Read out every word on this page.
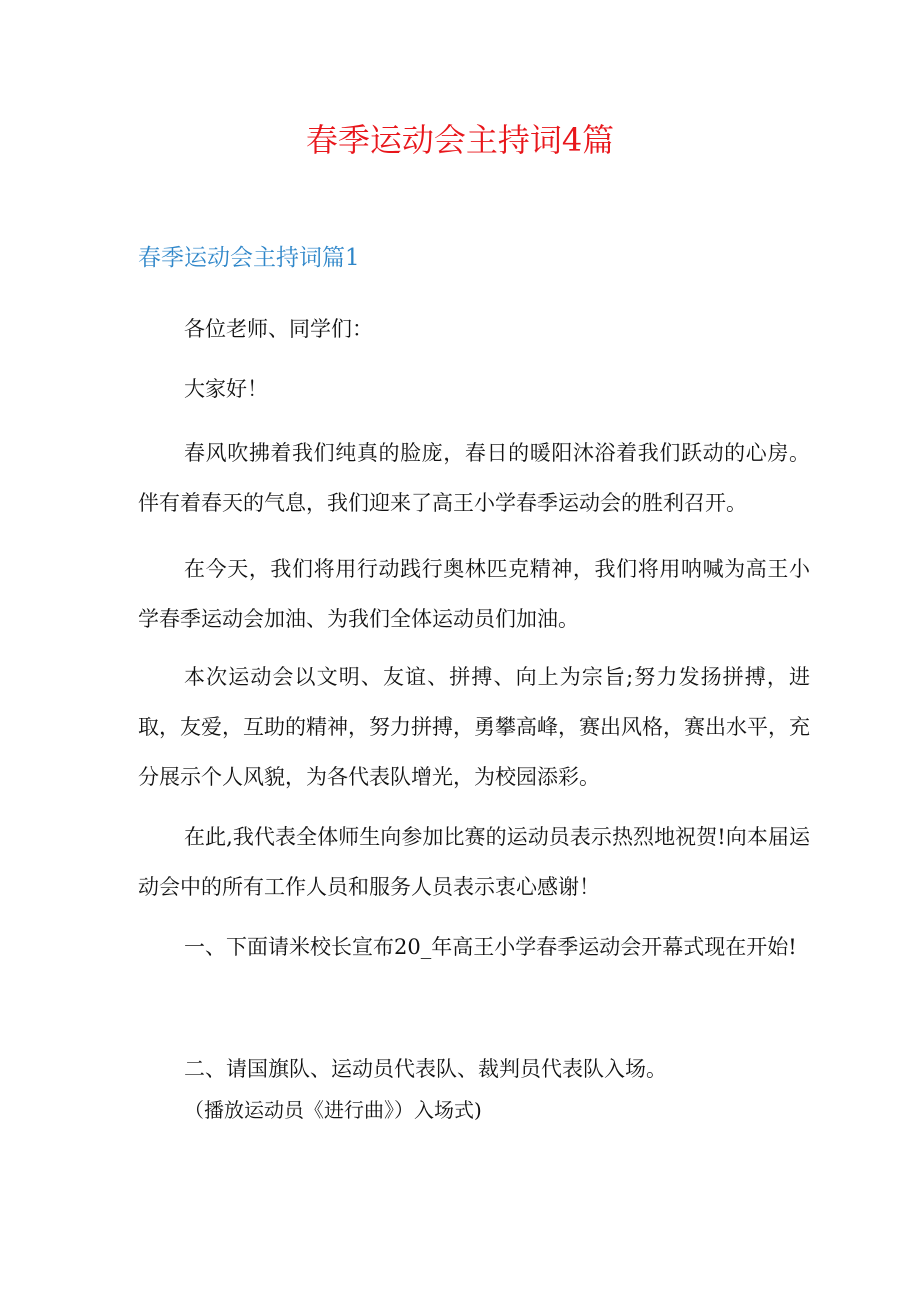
春季运动会主持词4篇
春季运动会主持词篇1

各位老师、同学们：

大家好！

春风吹拂着我们纯真的脸庞，春日的暖阳沐浴着我们跃动的心房。伴有着春天的气息，我们迎来了高王小学春季运动会的胜利召开。

在今天，我们将用行动践行奥林匹克精神，我们将用呐喊为高王小学春季运动会加油、为我们全体运动员们加油。

本次运动会以文明、友谊、拼搏、向上为宗旨;努力发扬拼搏，进取，友爱，互助的精神，努力拼搏，勇攀高峰，赛出风格，赛出水平，充分展示个人风貌，为各代表队增光，为校园添彩。

在此,我代表全体师生向参加比赛的运动员表示热烈地祝贺!向本届运动会中的所有工作人员和服务人员表示衷心感谢！

一、下面请米校长宣布20_年高王小学春季运动会开幕式现在开始!

二、请国旗队、运动员代表队、裁判员代表队入场。

（播放运动员《进行曲》）入场式)
